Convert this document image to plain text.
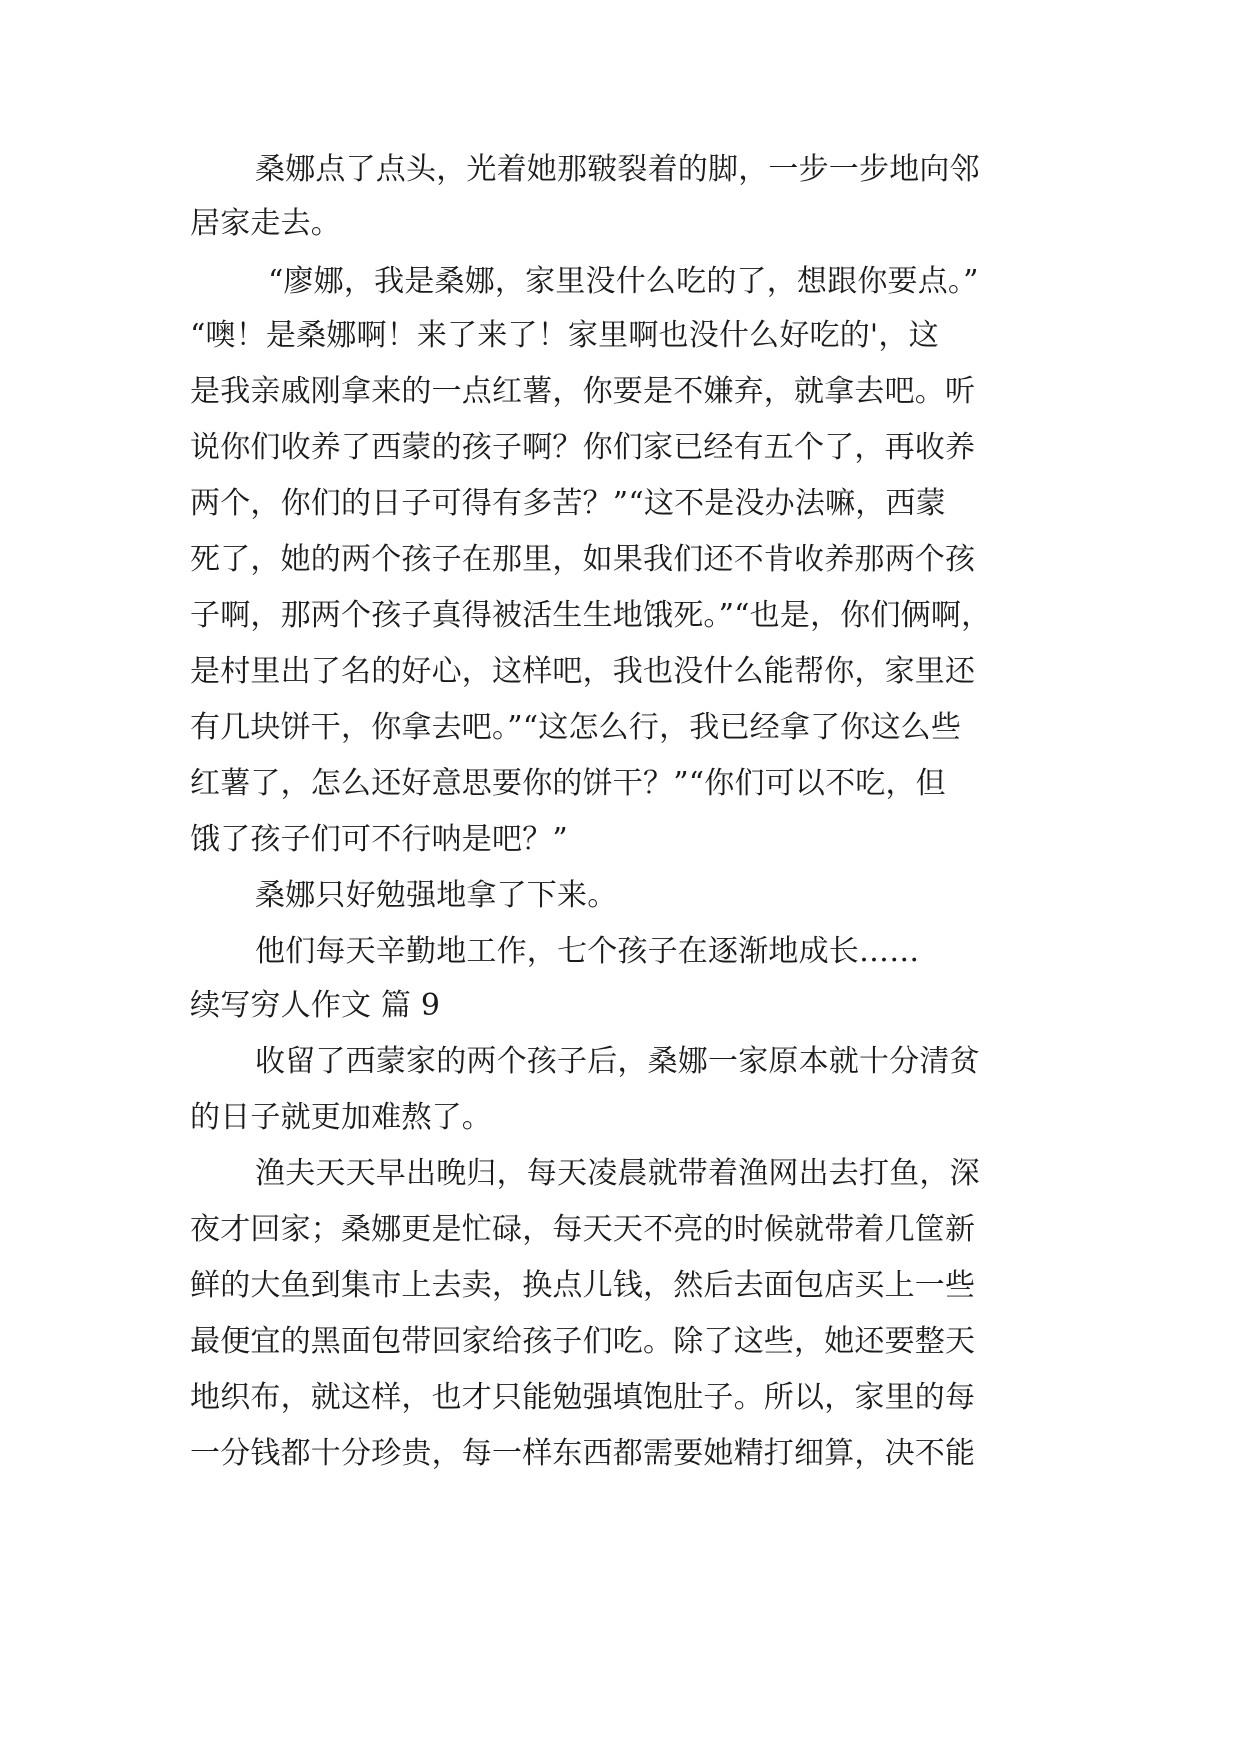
桑娜点了点头，光着她那皲裂着的脚，一步一步地向邻
居家走去。
“廖娜，我是桑娜，家里没什么吃的了，想跟你要点。”
“噢！是桑娜啊！来了来了！家里啊也没什么好吃的'，这
是我亲戚刚拿来的一点红薯，你要是不嫌弃，就拿去吧。听
说你们收养了西蒙的孩子啊？你们家已经有五个了，再收养
两个，你们的日子可得有多苦？”“这不是没办法嘛，西蒙
死了，她的两个孩子在那里，如果我们还不肯收养那两个孩
子啊，那两个孩子真得被活生生地饿死。”“也是，你们俩啊，
是村里出了名的好心，这样吧，我也没什么能帮你，家里还
有几块饼干，你拿去吧。”“这怎么行，我已经拿了你这么些
红薯了，怎么还好意思要你的饼干？”“你们可以不吃，但
饿了孩子们可不行呐是吧？”
桑娜只好勉强地拿了下来。
他们每天辛勤地工作，七个孩子在逐渐地成长……
续写穷人作文 篇 9
收留了西蒙家的两个孩子后，桑娜一家原本就十分清贫
的日子就更加难熬了。
渔夫天天早出晚归，每天凌晨就带着渔网出去打鱼，深
夜才回家；桑娜更是忙碌，每天天不亮的时候就带着几筐新
鲜的大鱼到集市上去卖，换点儿钱，然后去面包店买上一些
最便宜的黑面包带回家给孩子们吃。除了这些，她还要整天
地织布，就这样，也才只能勉强填饱肚子。所以，家里的每
一分钱都十分珍贵，每一样东西都需要她精打细算，决不能
